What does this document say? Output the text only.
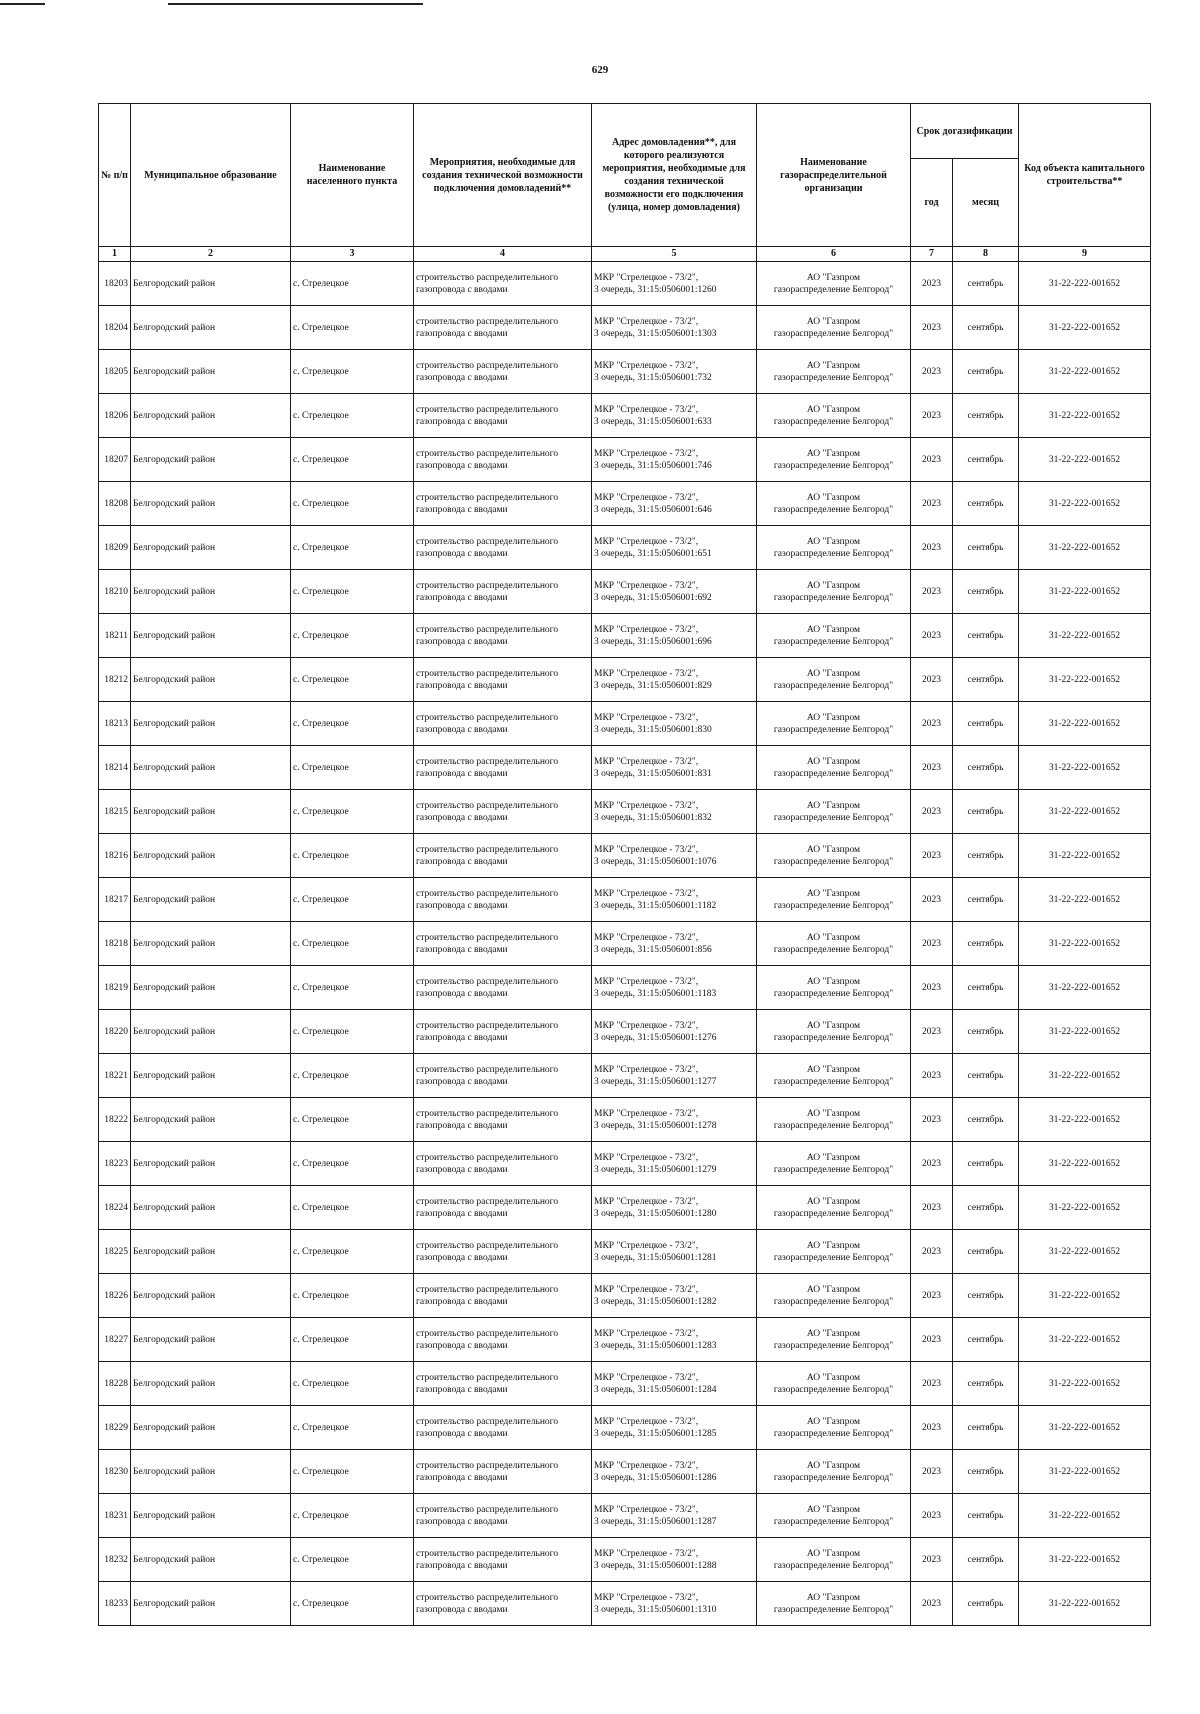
629
№ п/п	Муниципальное образование	Наименование населенного пункта	Мероприятия, необходимые для создания технической возможности подключения домовладений**	Адрес домовладения**, для которого реализуются мероприятия, необходимые для создания технической возможности его подключения (улица, номер домовладения)	Наименование газораспределительной организации	Срок догазификации		Код объекта капитального строительства**
						год	месяц	
1	2	3	4	5	6	7	8	9
18203	Белгородский район	с. Стрелецкое	строительство распределительного газопровода с вводами	МКР "Стрелецкое - 73/2",
3 очередь, 31:15:0506001:1260	АО "Газпром
газораспределение Белгород"	2023	сентябрь	31-22-222-001652
18204	Белгородский район	с. Стрелецкое	строительство распределительного газопровода с вводами	МКР "Стрелецкое - 73/2",
3 очередь, 31:15:0506001:1303	АО "Газпром
газораспределение Белгород"	2023	сентябрь	31-22-222-001652
18205	Белгородский район	с. Стрелецкое	строительство распределительного газопровода с вводами	МКР "Стрелецкое - 73/2",
3 очередь, 31:15:0506001:732	АО "Газпром
газораспределение Белгород"	2023	сентябрь	31-22-222-001652
18206	Белгородский район	с. Стрелецкое	строительство распределительного газопровода с вводами	МКР "Стрелецкое - 73/2",
3 очередь, 31:15:0506001:633	АО "Газпром
газораспределение Белгород"	2023	сентябрь	31-22-222-001652
18207	Белгородский район	с. Стрелецкое	строительство распределительного газопровода с вводами	МКР "Стрелецкое - 73/2",
3 очередь, 31:15:0506001:746	АО "Газпром
газораспределение Белгород"	2023	сентябрь	31-22-222-001652
18208	Белгородский район	с. Стрелецкое	строительство распределительного газопровода с вводами	МКР "Стрелецкое - 73/2",
3 очередь, 31:15:0506001:646	АО "Газпром
газораспределение Белгород"	2023	сентябрь	31-22-222-001652
18209	Белгородский район	с. Стрелецкое	строительство распределительного газопровода с вводами	МКР "Стрелецкое - 73/2",
3 очередь, 31:15:0506001:651	АО "Газпром
газораспределение Белгород"	2023	сентябрь	31-22-222-001652
18210	Белгородский район	с. Стрелецкое	строительство распределительного газопровода с вводами	МКР "Стрелецкое - 73/2",
3 очередь, 31:15:0506001:692	АО "Газпром
газораспределение Белгород"	2023	сентябрь	31-22-222-001652
18211	Белгородский район	с. Стрелецкое	строительство распределительного газопровода с вводами	МКР "Стрелецкое - 73/2",
3 очередь, 31:15:0506001:696	АО "Газпром
газораспределение Белгород"	2023	сентябрь	31-22-222-001652
18212	Белгородский район	с. Стрелецкое	строительство распределительного газопровода с вводами	МКР "Стрелецкое - 73/2",
3 очередь, 31:15:0506001:829	АО "Газпром
газораспределение Белгород"	2023	сентябрь	31-22-222-001652
18213	Белгородский район	с. Стрелецкое	строительство распределительного газопровода с вводами	МКР "Стрелецкое - 73/2",
3 очередь, 31:15:0506001:830	АО "Газпром
газораспределение Белгород"	2023	сентябрь	31-22-222-001652
18214	Белгородский район	с. Стрелецкое	строительство распределительного газопровода с вводами	МКР "Стрелецкое - 73/2",
3 очередь, 31:15:0506001:831	АО "Газпром
газораспределение Белгород"	2023	сентябрь	31-22-222-001652
18215	Белгородский район	с. Стрелецкое	строительство распределительного газопровода с вводами	МКР "Стрелецкое - 73/2",
3 очередь, 31:15:0506001:832	АО "Газпром
газораспределение Белгород"	2023	сентябрь	31-22-222-001652
18216	Белгородский район	с. Стрелецкое	строительство распределительного газопровода с вводами	МКР "Стрелецкое - 73/2",
3 очередь, 31:15:0506001:1076	АО "Газпром
газораспределение Белгород"	2023	сентябрь	31-22-222-001652
18217	Белгородский район	с. Стрелецкое	строительство распределительного газопровода с вводами	МКР "Стрелецкое - 73/2",
3 очередь, 31:15:0506001:1182	АО "Газпром
газораспределение Белгород"	2023	сентябрь	31-22-222-001652
18218	Белгородский район	с. Стрелецкое	строительство распределительного газопровода с вводами	МКР "Стрелецкое - 73/2",
3 очередь, 31:15:0506001:856	АО "Газпром
газораспределение Белгород"	2023	сентябрь	31-22-222-001652
18219	Белгородский район	с. Стрелецкое	строительство распределительного газопровода с вводами	МКР "Стрелецкое - 73/2",
3 очередь, 31:15:0506001:1183	АО "Газпром
газораспределение Белгород"	2023	сентябрь	31-22-222-001652
18220	Белгородский район	с. Стрелецкое	строительство распределительного газопровода с вводами	МКР "Стрелецкое - 73/2",
3 очередь, 31:15:0506001:1276	АО "Газпром
газораспределение Белгород"	2023	сентябрь	31-22-222-001652
18221	Белгородский район	с. Стрелецкое	строительство распределительного газопровода с вводами	МКР "Стрелецкое - 73/2",
3 очередь, 31:15:0506001:1277	АО "Газпром
газораспределение Белгород"	2023	сентябрь	31-22-222-001652
18222	Белгородский район	с. Стрелецкое	строительство распределительного газопровода с вводами	МКР "Стрелецкое - 73/2",
3 очередь, 31:15:0506001:1278	АО "Газпром
газораспределение Белгород"	2023	сентябрь	31-22-222-001652
18223	Белгородский район	с. Стрелецкое	строительство распределительного газопровода с вводами	МКР "Стрелецкое - 73/2",
3 очередь, 31:15:0506001:1279	АО "Газпром
газораспределение Белгород"	2023	сентябрь	31-22-222-001652
18224	Белгородский район	с. Стрелецкое	строительство распределительного газопровода с вводами	МКР "Стрелецкое - 73/2",
3 очередь, 31:15:0506001:1280	АО "Газпром
газораспределение Белгород"	2023	сентябрь	31-22-222-001652
18225	Белгородский район	с. Стрелецкое	строительство распределительного газопровода с вводами	МКР "Стрелецкое - 73/2",
3 очередь, 31:15:0506001:1281	АО "Газпром
газораспределение Белгород"	2023	сентябрь	31-22-222-001652
18226	Белгородский район	с. Стрелецкое	строительство распределительного газопровода с вводами	МКР "Стрелецкое - 73/2",
3 очередь, 31:15:0506001:1282	АО "Газпром
газораспределение Белгород"	2023	сентябрь	31-22-222-001652
18227	Белгородский район	с. Стрелецкое	строительство распределительного газопровода с вводами	МКР "Стрелецкое - 73/2",
3 очередь, 31:15:0506001:1283	АО "Газпром
газораспределение Белгород"	2023	сентябрь	31-22-222-001652
18228	Белгородский район	с. Стрелецкое	строительство распределительного газопровода с вводами	МКР "Стрелецкое - 73/2",
3 очередь, 31:15:0506001:1284	АО "Газпром
газораспределение Белгород"	2023	сентябрь	31-22-222-001652
18229	Белгородский район	с. Стрелецкое	строительство распределительного газопровода с вводами	МКР "Стрелецкое - 73/2",
3 очередь, 31:15:0506001:1285	АО "Газпром
газораспределение Белгород"	2023	сентябрь	31-22-222-001652
18230	Белгородский район	с. Стрелецкое	строительство распределительного газопровода с вводами	МКР "Стрелецкое - 73/2",
3 очередь, 31:15:0506001:1286	АО "Газпром
газораспределение Белгород"	2023	сентябрь	31-22-222-001652
18231	Белгородский район	с. Стрелецкое	строительство распределительного газопровода с вводами	МКР "Стрелецкое - 73/2",
3 очередь, 31:15:0506001:1287	АО "Газпром
газораспределение Белгород"	2023	сентябрь	31-22-222-001652
18232	Белгородский район	с. Стрелецкое	строительство распределительного газопровода с вводами	МКР "Стрелецкое - 73/2",
3 очередь, 31:15:0506001:1288	АО "Газпром
газораспределение Белгород"	2023	сентябрь	31-22-222-001652
18233	Белгородский район	с. Стрелецкое	строительство распределительного газопровода с вводами	МКР "Стрелецкое - 73/2",
3 очередь, 31:15:0506001:1310	АО "Газпром
газораспределение Белгород"	2023	сентябрь	31-22-222-001652
